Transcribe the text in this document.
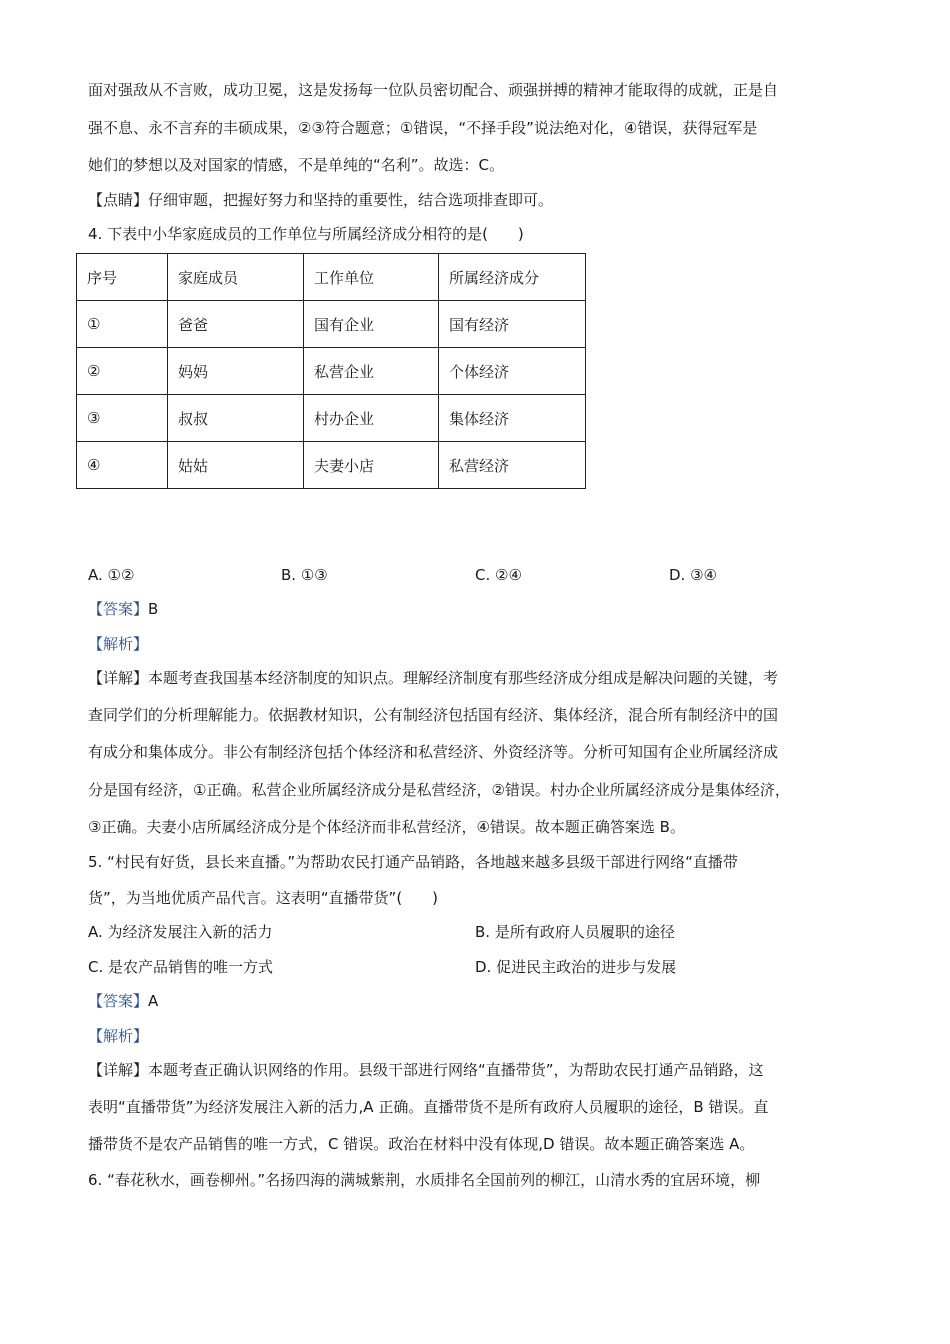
面对强敌从不言败，成功卫冕，这是发扬每一位队员密切配合、顽强拼搏的精神才能取得的成就，正是自
强不息、永不言弃的丰硕成果，②③符合题意；①错误，“不择手段”说法绝对化，④错误，获得冠军是
她们的梦想以及对国家的情感，不是单纯的“名利”。故选：C。
【点睛】仔细审题，把握好努力和坚持的重要性，结合选项排查即可。
4. 下表中小华家庭成员的工作单位与所属经济成分相符的是(　　)
序号	家庭成员	工作单位	所属经济成分
①	爸爸	国有企业	国有经济
②	妈妈	私营企业	个体经济
③	叔叔	村办企业	集体经济
④	姑姑	夫妻小店	私营经济
A. ①②	B. ①③	C. ②④	D. ③④
【答案】B
【解析】
【详解】本题考查我国基本经济制度的知识点。理解经济制度有那些经济成分组成是解决问题的关键，考
查同学们的分析理解能力。依据教材知识，公有制经济包括国有经济、集体经济，混合所有制经济中的国
有成分和集体成分。非公有制经济包括个体经济和私营经济、外资经济等。分析可知国有企业所属经济成
分是国有经济，①正确。私营企业所属经济成分是私营经济，②错误。村办企业所属经济成分是集体经济，
③正确。夫妻小店所属经济成分是个体经济而非私营经济，④错误。故本题正确答案选 B。
5. “村民有好货，县长来直播。”为帮助农民打通产品销路，各地越来越多县级干部进行网络“直播带
货”，为当地优质产品代言。这表明“直播带货”(　　)
A. 为经济发展注入新的活力	B. 是所有政府人员履职的途径
C. 是农产品销售的唯一方式	D. 促进民主政治的进步与发展
【答案】A
【解析】
【详解】本题考查正确认识网络的作用。县级干部进行网络“直播带货”，为帮助农民打通产品销路，这
表明“直播带货”为经济发展注入新的活力,A 正确。直播带货不是所有政府人员履职的途径，B 错误。直
播带货不是农产品销售的唯一方式，C 错误。政治在材料中没有体现,D 错误。故本题正确答案选 A。
6. “春花秋水，画卷柳州。”名扬四海的满城紫荆，水质排名全国前列的柳江，山清水秀的宜居环境，柳
